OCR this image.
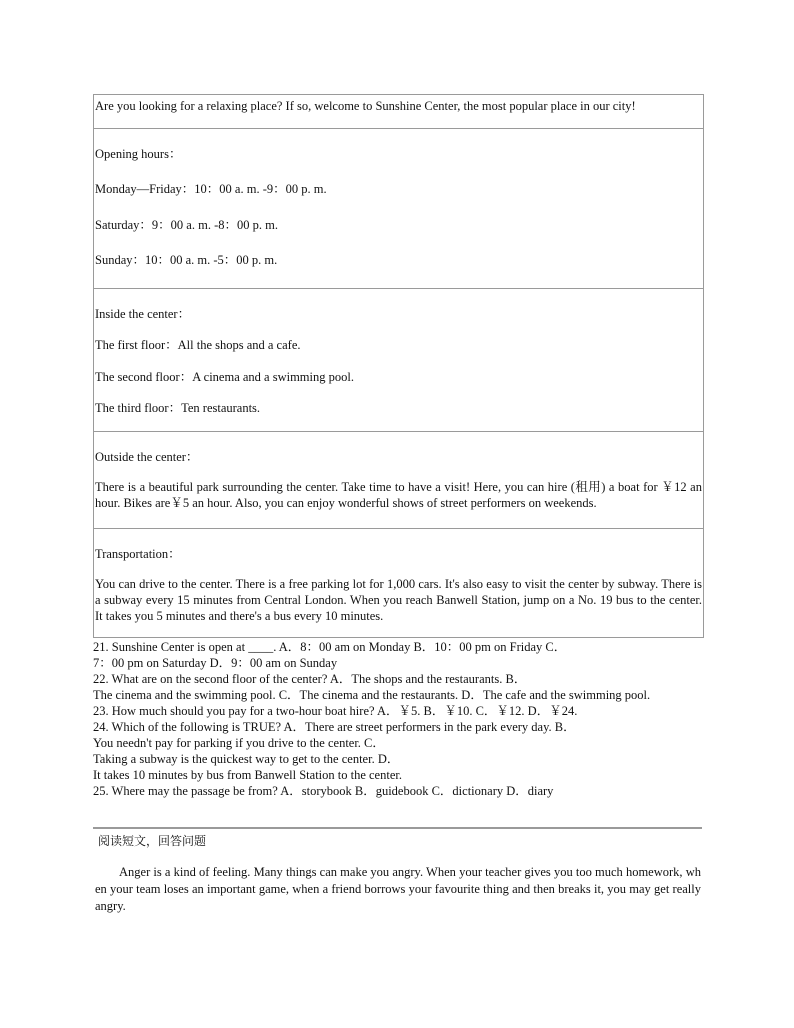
Are you looking for a relaxing place? If so, welcome to Sunshine Center, the most popular place in our city!

Opening hours：

Monday—Friday：10：00 a. m. -9：00 p. m.

Saturday：9：00 a. m. -8：00 p. m.

Sunday：10：00 a. m. -5：00 p. m.

Inside the center：

The first floor：All the shops and a cafe.

The second floor：A cinema and a swimming pool.

The third floor：Ten restaurants.

Outside the center：

There is a beautiful park surrounding the center. Take time to have a visit! Here, you can hire (租用) a boat for ￥12 an hour. Bikes are￥5 an hour. Also, you can enjoy wonderful shows of street performers on weekends.

Transportation：

You can drive to the center. There is a free parking lot for 1,000 cars. It's also easy to visit the center by subway. There is a subway every 15 minutes from Central London. When you reach Banwell Station, jump on a No. 19 bus to the center. It takes you 5 minutes and there's a bus every 10 minutes.

21. Sunshine Center is open at ____. A．8：00 am on Monday B．10：00 pm on Friday C．

7：00 pm on Saturday D．9：00 am on Sunday

22. What are on the second floor of the center? A．The shops and the restaurants. B．

The cinema and the swimming pool. C．The cinema and the restaurants. D．The cafe and the swimming pool.

23. How much should you pay for a two-hour boat hire? A．￥5. B．￥10. C．￥12. D．￥24.

24. Which of the following is TRUE? A．There are street performers in the park every day. B．

You needn't pay for parking if you drive to the center. C．

Taking a subway is the quickest way to get to the center. D．

It takes 10 minutes by bus from Banwell Station to the center.

25. Where may the passage be from? A．storybook B．guidebook C．dictionary D．diary

阅读短文，回答问题

Anger is a kind of feeling. Many things can make you angry. When your teacher gives you too much homework, when your team loses an important game, when a friend borrows your favourite thing and then breaks it, you may get really angry.
